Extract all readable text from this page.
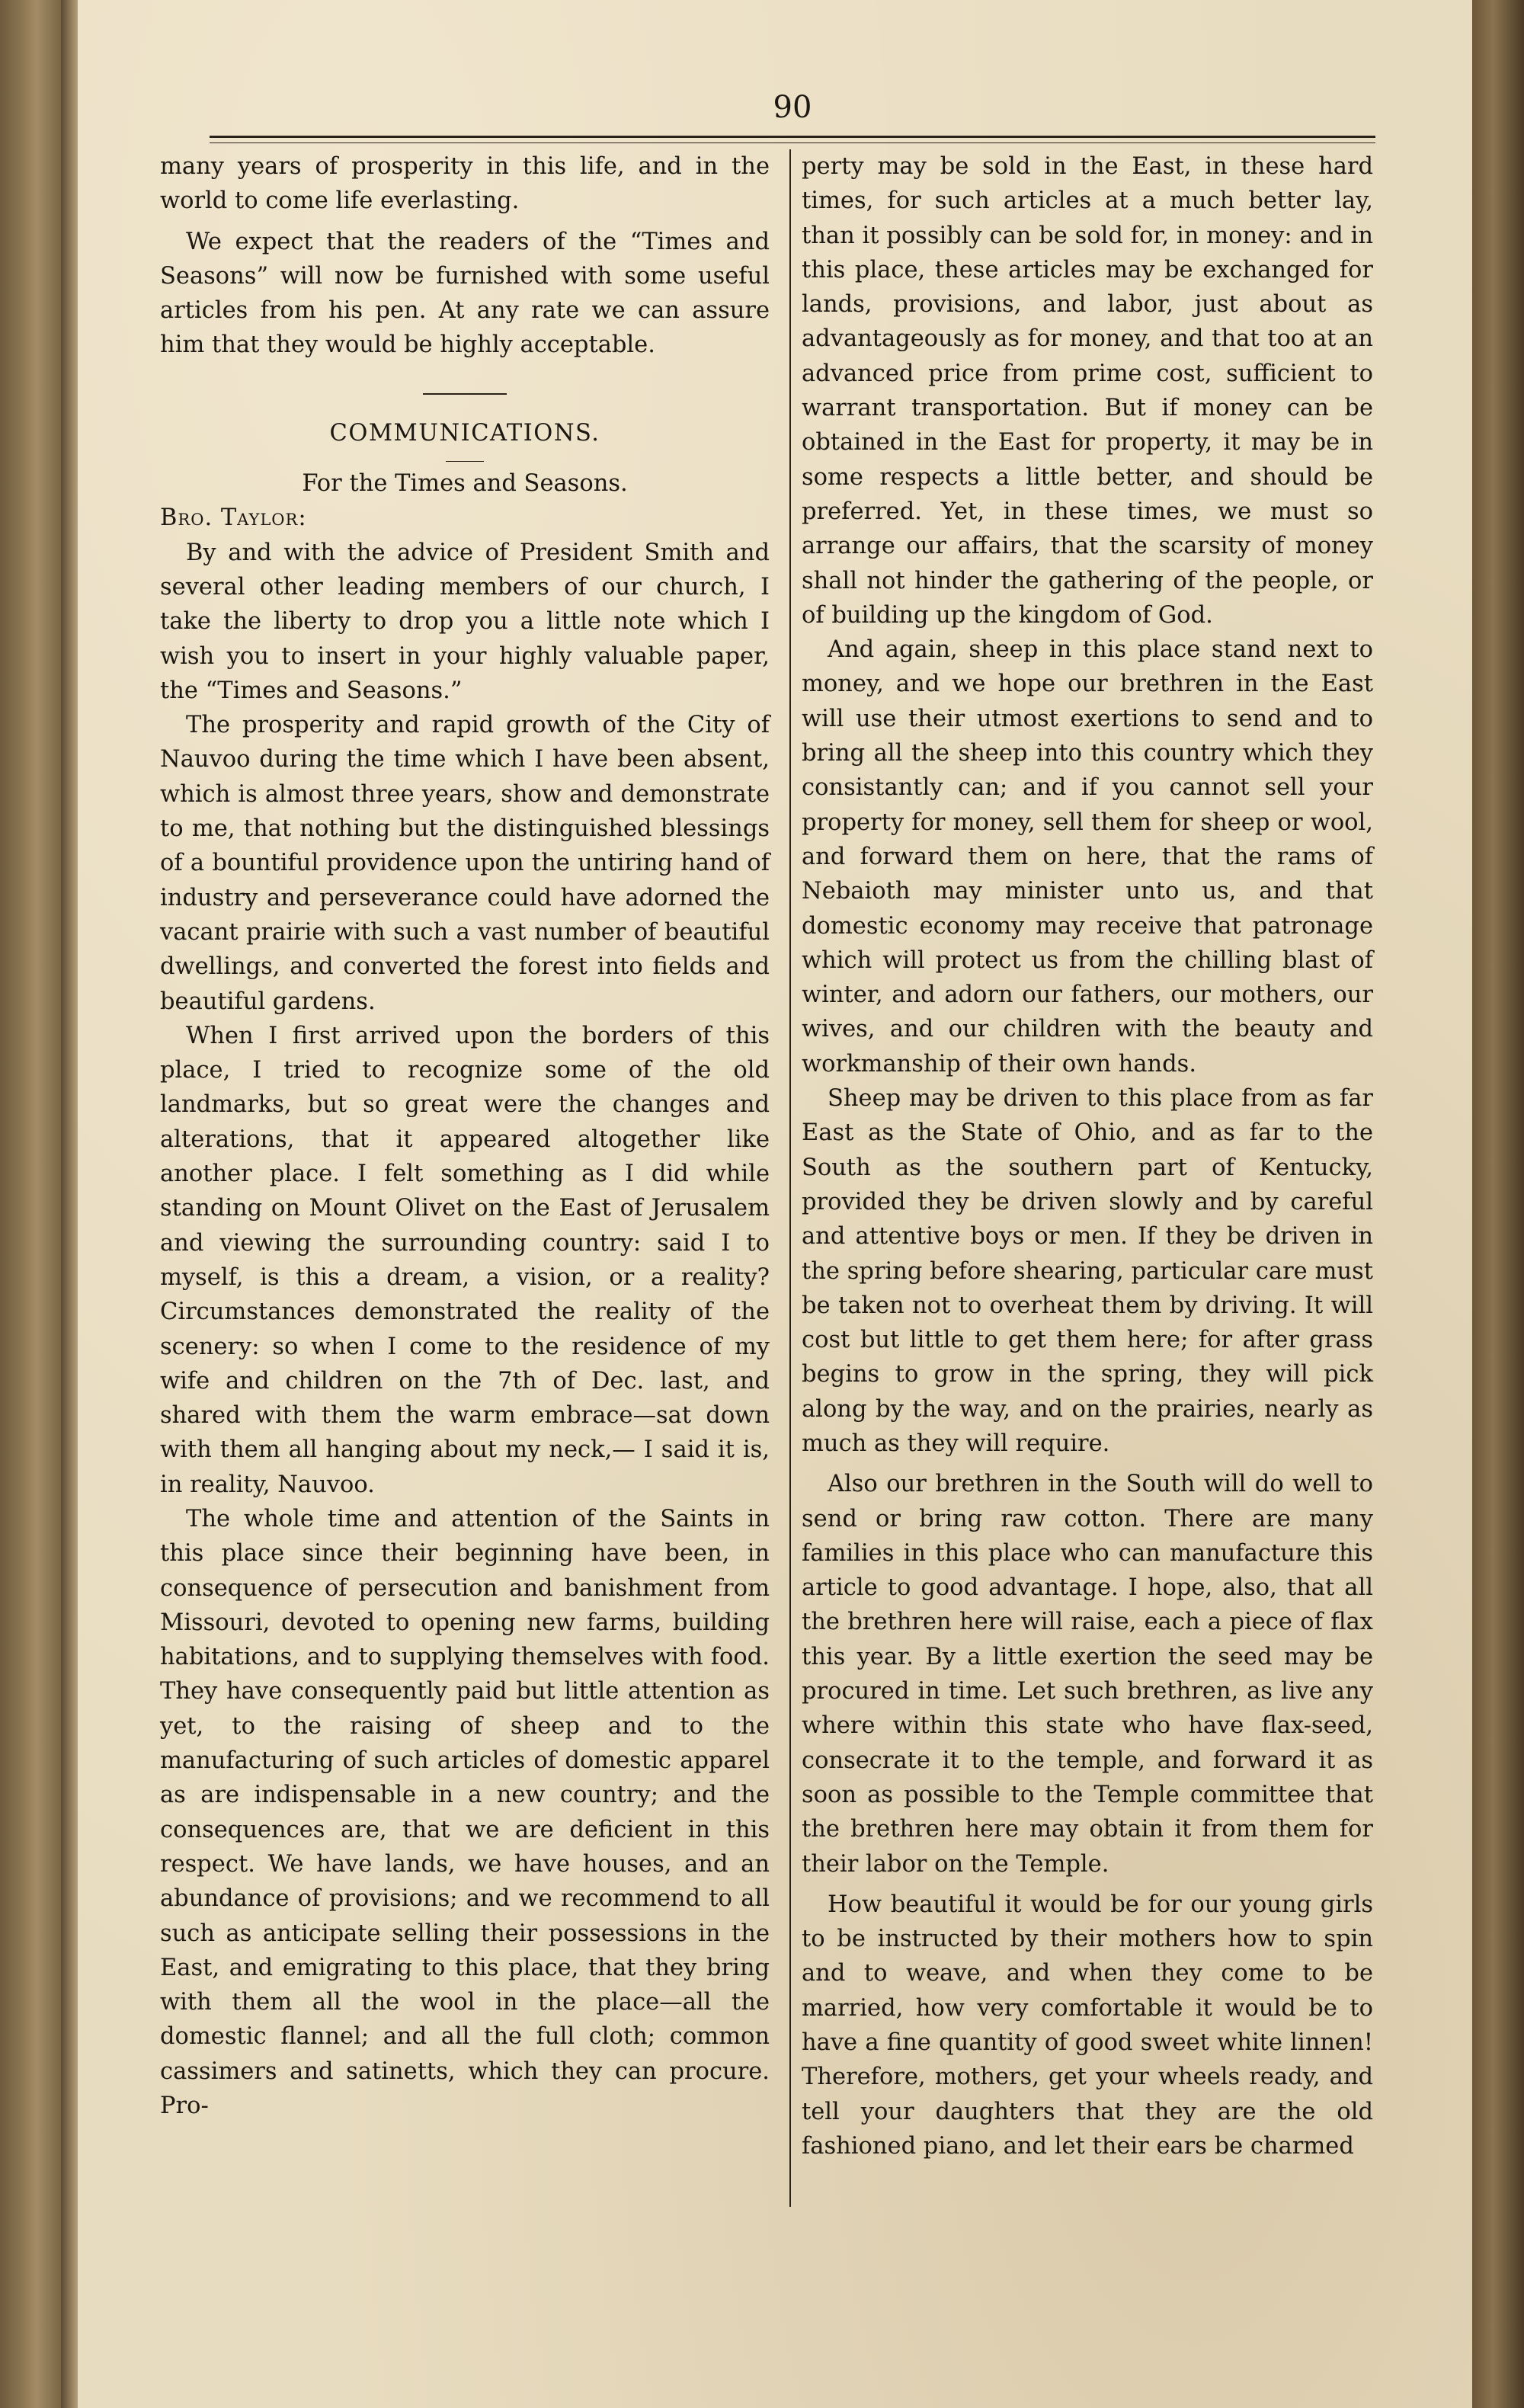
90

many years of prosperity in this life, and in the world to come life everlasting.

We expect that the readers of the “Times and Seasons” will now be furnished with some useful articles from his pen. At any rate we can assure him that they would be highly acceptable.

COMMUNICATIONS.

For the Times and Seasons.

Bro. Taylor:

By and with the advice of President Smith and several other leading members of our church, I take the liberty to drop you a little note which I wish you to insert in your highly valuable paper, the “Times and Seasons.”

The prosperity and rapid growth of the City of Nauvoo during the time which I have been absent, which is almost three years, show and demonstrate to me, that nothing but the distinguished blessings of a bountiful providence upon the untiring hand of industry and perseverance could have adorned the vacant prairie with such a vast number of beautiful dwellings, and converted the forest into fields and beautiful gardens.

When I first arrived upon the borders of this place, I tried to recognize some of the old landmarks, but so great were the changes and alterations, that it appeared altogether like another place. I felt something as I did while standing on Mount Olivet on the East of Jerusalem and viewing the surrounding country: said I to myself, is this a dream, a vision, or a reality? Circumstances demonstrated the reality of the scenery: so when I come to the residence of my wife and children on the 7th of Dec. last, and shared with them the warm embrace—sat down with them all hanging about my neck,— I said it is, in reality, Nauvoo.

The whole time and attention of the Saints in this place since their beginning have been, in consequence of persecution and banishment from Missouri, devoted to opening new farms, building habitations, and to supplying themselves with food. They have consequently paid but little attention as yet, to the raising of sheep and to the manufacturing of such articles of domestic apparel as are indispensable in a new country; and the consequences are, that we are deficient in this respect. We have lands, we have houses, and an abundance of provisions; and we recommend to all such as anticipate selling their possessions in the East, and emigrating to this place, that they bring with them all the wool in the place—all the domestic flannel; and all the full cloth; common cassimers and satinetts, which they can procure. Pro-

perty may be sold in the East, in these hard times, for such articles at a much better lay, than it possibly can be sold for, in money: and in this place, these articles may be exchanged for lands, provisions, and labor, just about as advantageously as for money, and that too at an advanced price from prime cost, sufficient to warrant transportation. But if money can be obtained in the East for property, it may be in some respects a little better, and should be preferred. Yet, in these times, we must so arrange our affairs, that the scarsity of money shall not hinder the gathering of the people, or of building up the kingdom of God.

And again, sheep in this place stand next to money, and we hope our brethren in the East will use their utmost exertions to send and to bring all the sheep into this country which they consistantly can; and if you cannot sell your property for money, sell them for sheep or wool, and forward them on here, that the rams of Nebaioth may minister unto us, and that domestic economy may receive that patronage which will protect us from the chilling blast of winter, and adorn our fathers, our mothers, our wives, and our children with the beauty and workmanship of their own hands.

Sheep may be driven to this place from as far East as the State of Ohio, and as far to the South as the southern part of Kentucky, provided they be driven slowly and by careful and attentive boys or men. If they be driven in the spring before shearing, particular care must be taken not to overheat them by driving. It will cost but little to get them here; for after grass begins to grow in the spring, they will pick along by the way, and on the prairies, nearly as much as they will require.

Also our brethren in the South will do well to send or bring raw cotton. There are many families in this place who can manufacture this article to good advantage. I hope, also, that all the brethren here will raise, each a piece of flax this year. By a little exertion the seed may be procured in time. Let such brethren, as live any where within this state who have flax-seed, consecrate it to the temple, and forward it as soon as possible to the Temple committee that the brethren here may obtain it from them for their labor on the Temple.

How beautiful it would be for our young girls to be instructed by their mothers how to spin and to weave, and when they come to be married, how very comfortable it would be to have a fine quantity of good sweet white linnen! Therefore, mothers, get your wheels ready, and tell your daughters that they are the old fashioned piano, and let their ears be charmed
